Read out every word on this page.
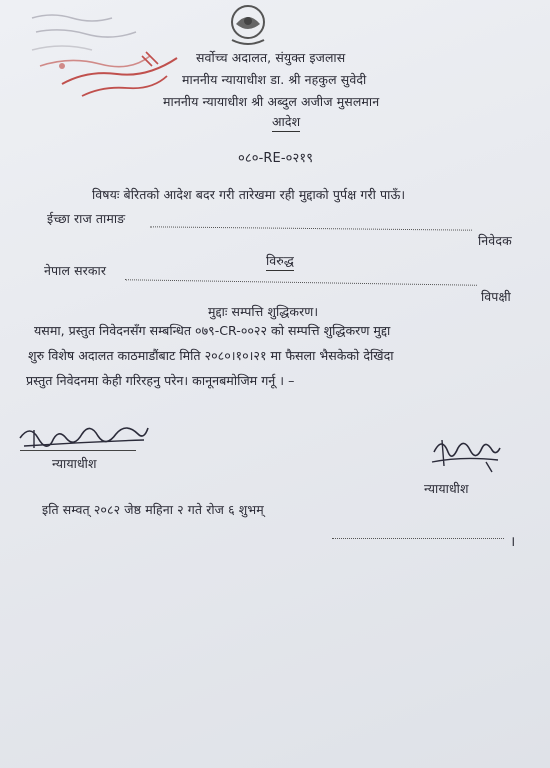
सर्वोच्च अदालत, संयुक्त इजलास
माननीय न्यायाधीश डा. श्री नहकुल सुवेदी
माननीय न्यायाधीश श्री अब्दुल अजीज मुसलमान
आदेश
०८०-RE-०२१९
विषयः बेरितको आदेश बदर गरी तारेखमा रही मुद्दाको पुर्पक्ष गरी पाऊँ।
ईच्छा राज तामाङ
निवेदक
विरुद्ध
नेपाल सरकार
विपक्षी
मुद्दाः सम्पत्ति शुद्धिकरण।
यसमा, प्रस्तुत निवेदनसँग सम्बन्धित ०७९-CR-००२२ को सम्पत्ति शुद्धिकरण मुद्दा
शुरु विशेष अदालत काठमाडौंबाट मिति २०८०।१०।२१ मा फैसला भैसकेको देखिंदा
प्रस्तुत निवेदनमा केही गरिरहनु परेन। कानूनबमोजिम गर्नू । –
न्यायाधीश
न्यायाधीश
इति सम्वत् २०८२ जेष्ठ महिना २ गते रोज ६ शुभम्
।
